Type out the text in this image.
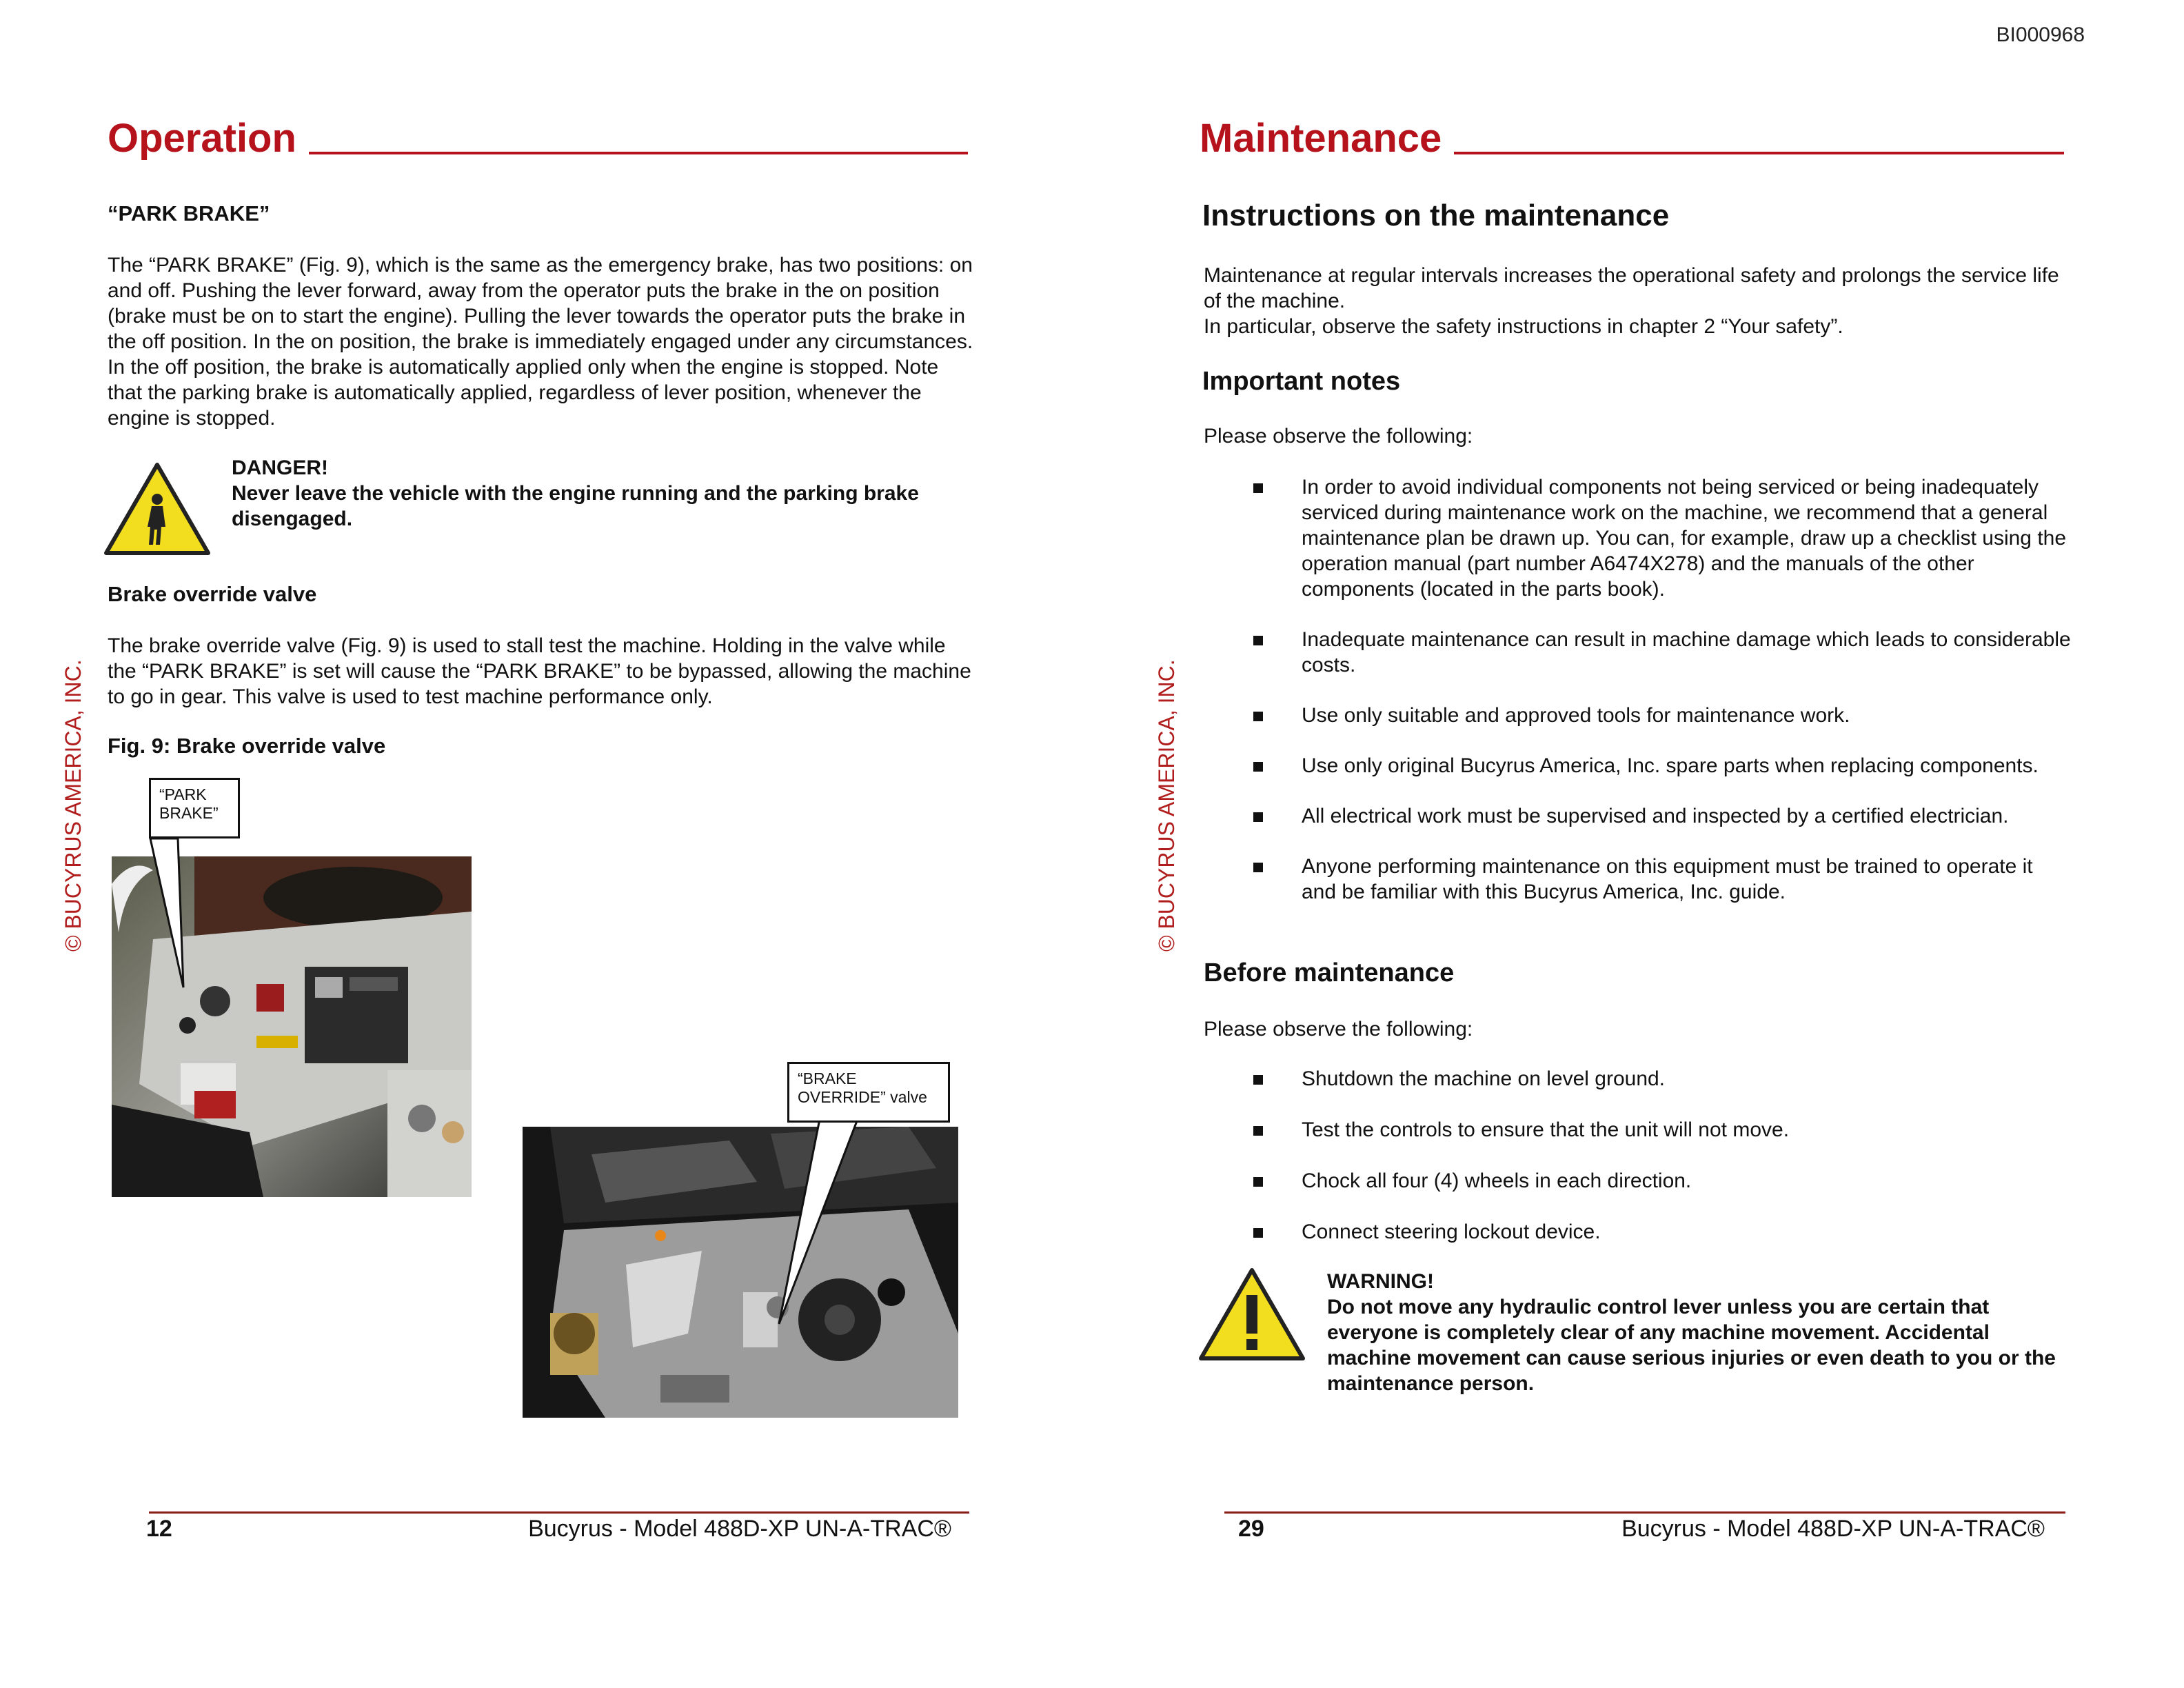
BI000968
© BUCYRUS AMERICA, INC.
Operation
“PARK BRAKE”
The “PARK BRAKE” (Fig. 9), which is the same as the emergency brake, has two positions: on and off. Pushing the lever forward, away from the operator puts the brake in the on position (brake must be on to start the engine). Pulling the lever towards the operator puts the brake in the off position. In the on position, the brake is immediately engaged under any circumstances. In the off position, the brake is automatically applied only when the engine is stopped. Note that the parking brake is automatically applied, regardless of lever position, whenever the engine is stopped.
DANGER!
Never leave the vehicle with the engine running and the parking brake disengaged.
Brake override valve
The brake override valve (Fig. 9) is used to stall test the machine. Holding in the valve while the “PARK BRAKE” is set will cause the “PARK BRAKE” to be bypassed, allowing the machine to go in gear. This valve is used to test machine performance only.
Fig. 9: Brake override valve
“PARK BRAKE”
“BRAKE OVERRIDE” valve
12	Bucyrus - Model 488D-XP UN-A-TRAC®
© BUCYRUS AMERICA, INC.
Maintenance
Instructions on the maintenance
Maintenance at regular intervals increases the operational safety and prolongs the service life of the machine.
In particular, observe the safety instructions in chapter 2 “Your safety”.
Important notes
Please observe the following:
In order to avoid individual components not being serviced or being inadequately serviced during maintenance work on the machine, we recommend that a general maintenance plan be drawn up. You can, for example, draw up a checklist using the operation manual (part number A6474X278) and the manuals of the other components (located in the parts book).
Inadequate maintenance can result in machine damage which leads to considerable costs.
Use only suitable and approved tools for maintenance work.
Use only original Bucyrus America, Inc. spare parts when replacing components.
All electrical work must be supervised and inspected by a certified electrician.
Anyone performing maintenance on this equipment must be trained to operate it and be familiar with this Bucyrus America, Inc. guide.
Before maintenance
Please observe the following:
Shutdown the machine on level ground.
Test the controls to ensure that the unit will not move.
Chock all four (4) wheels in each direction.
Connect steering lockout device.
WARNING!
Do not move any hydraulic control lever unless you are certain that everyone is completely clear of any machine movement. Accidental machine movement can cause serious injuries or even death to you or the maintenance person.
29	Bucyrus - Model 488D-XP UN-A-TRAC®
